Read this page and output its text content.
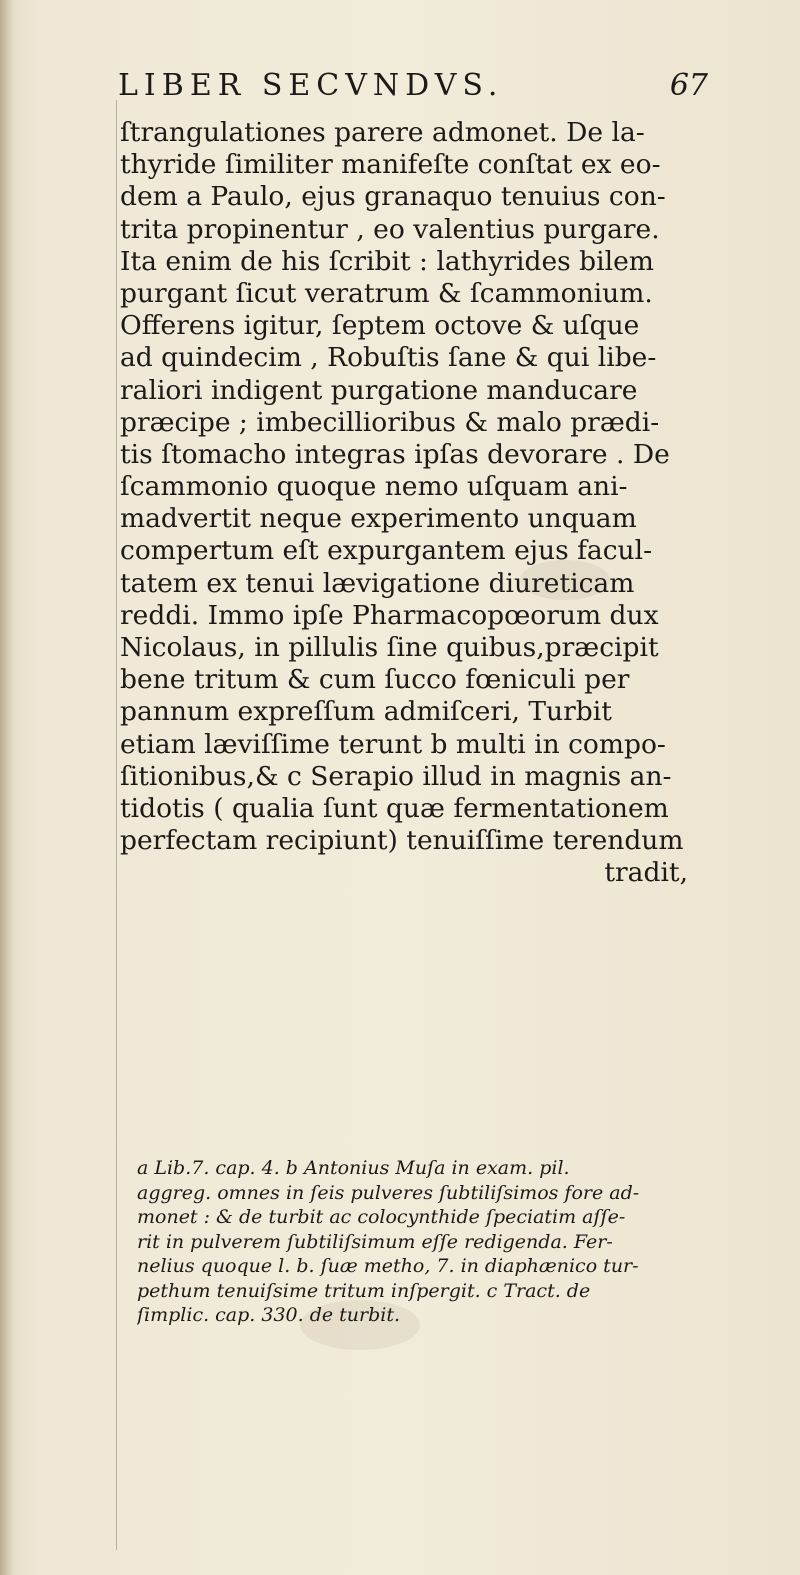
LIBER SECVNDVS.	67
ſtrangulationes parere admonet. De la-
thyride ſimiliter manifeſte conſtat ex eo-
dem a Paulo, ejus granaquo tenuius con-
trita propinentur , eo valentius purgare.
Ita enim de his ſcribit : lathyrides bilem
purgant ſicut veratrum & ſcammonium.
Offerens igitur, ſeptem octove & uſque
ad quindecim , Robuſtis ſane & qui libe-
raliori indigent purgatione manducare
præcipe ; imbecillioribus & malo prædi-
tis ſtomacho integras ipſas devorare . De
ſcammonio quoque nemo uſquam ani-
madvertit neque experimento unquam
compertum eſt expurgantem ejus facul-
tatem ex tenui lævigatione diureticam
reddi. Immo ipſe Pharmacopœorum dux
Nicolaus, in pillulis ſine quibus,præcipit
bene tritum & cum ſucco fœniculi per
pannum expreſſum admiſceri, Turbit
etiam læviſſime terunt b multi in compo-
ſitionibus,& c Serapio illud in magnis an-
tidotis ( qualia ſunt quæ fermentationem
perfectam recipiunt) tenuiſſime terendum
tradit,
a Lib.7. cap. 4. b Antonius Muſa in exam. pil.
aggreg. omnes in ſeis pulveres ſubtiliſsimos fore ad-
monet : & de turbit ac colocynthide ſpeciatim aſſe-
rit in pulverem ſubtiliſsimum eſſe redigenda. Fer-
nelius quoque l. b. ſuæ metho, 7. in diaphænico tur-
pethum tenuiſsime tritum inſpergit. c Tract. de
ſimplic. cap. 330. de turbit.
